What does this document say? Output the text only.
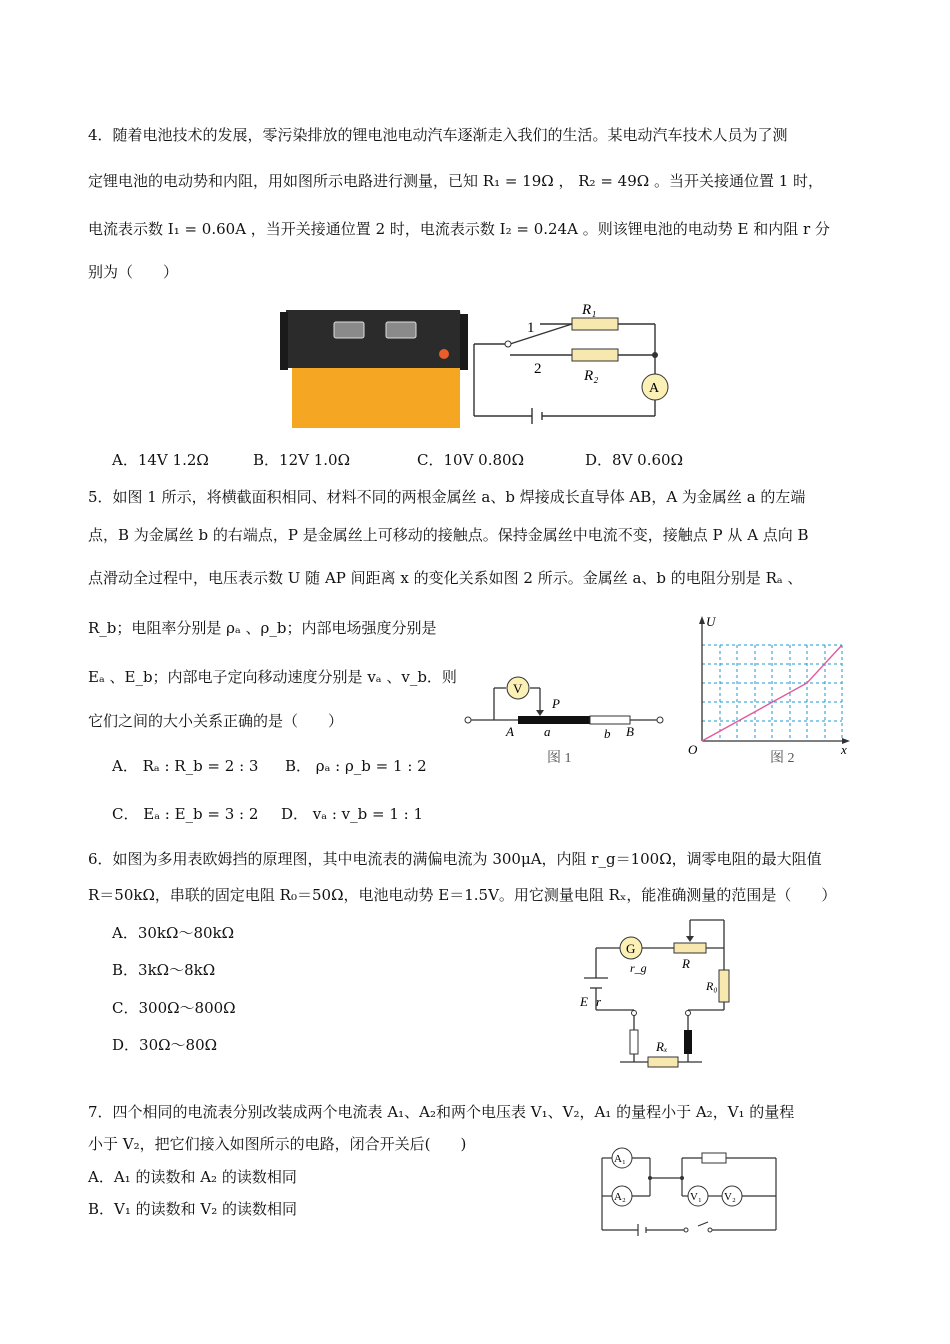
4．随着电池技术的发展，零污染排放的锂电池电动汽车逐渐走入我们的生活。某电动汽车技术人员为了测
定锂电池的电动势和内阻，用如图所示电路进行测量，已知 R₁ = 19Ω ， R₂ = 49Ω 。当开关接通位置 1 时，
电流表示数 I₁ = 0.60A ，当开关接通位置 2 时，电流表示数 I₂ = 0.24A 。则该锂电池的电动势 E 和内阻 r 分
别为（　　）
R₁
R₂
1
2
A
A．14V 1.2Ω	B．12V 1.0Ω	C．10V 0.80Ω	D．8V 0.60Ω
5．如图 1 所示，将横截面积相同、材料不同的两根金属丝 a、b 焊接成长直导体 AB，A 为金属丝 a 的左端
点，B 为金属丝 b 的右端点，P 是金属丝上可移动的接触点。保持金属丝中电流不变，接触点 P 从 A 点向 B
点滑动全过程中，电压表示数 U 随 AP 间距离 x 的变化关系如图 2 所示。金属丝 a、b 的电阻分别是 Rₐ 、
R_b；电阻率分别是 ρₐ 、ρ_b；内部电场强度分别是
Eₐ 、E_b；内部电子定向移动速度分别是 vₐ 、v_b．则
它们之间的大小关系正确的是（　　）
V
P
A a	b B
图 1
U
O	x
图 2
A． Rₐ : R_b = 2 : 3 B． ρₐ : ρ_b = 1 : 2
C． Eₐ : E_b = 3 : 2 D． vₐ : v_b = 1 : 1
6．如图为多用表欧姆挡的原理图，其中电流表的满偏电流为 300μA，内阻 r_g＝100Ω，调零电阻的最大阻值
R＝50kΩ，串联的固定电阻 R₀＝50Ω，电池电动势 E＝1.5V。用它测量电阻 Rₓ，能准确测量的范围是（　　）
A．30kΩ～80kΩ
B．3kΩ～8kΩ
C．300Ω～800Ω
D．30Ω～80Ω
G
r_g	R
R₀
E r
Rₓ
7．四个相同的电流表分别改装成两个电流表 A₁、A₂和两个电压表 V₁、V₂，A₁ 的量程小于 A₂，V₁ 的量程
小于 V₂，把它们接入如图所示的电路，闭合开关后(　　)
A．A₁ 的读数和 A₂ 的读数相同
B．V₁ 的读数和 V₂ 的读数相同
A₁
A₂	V₁ V₂
